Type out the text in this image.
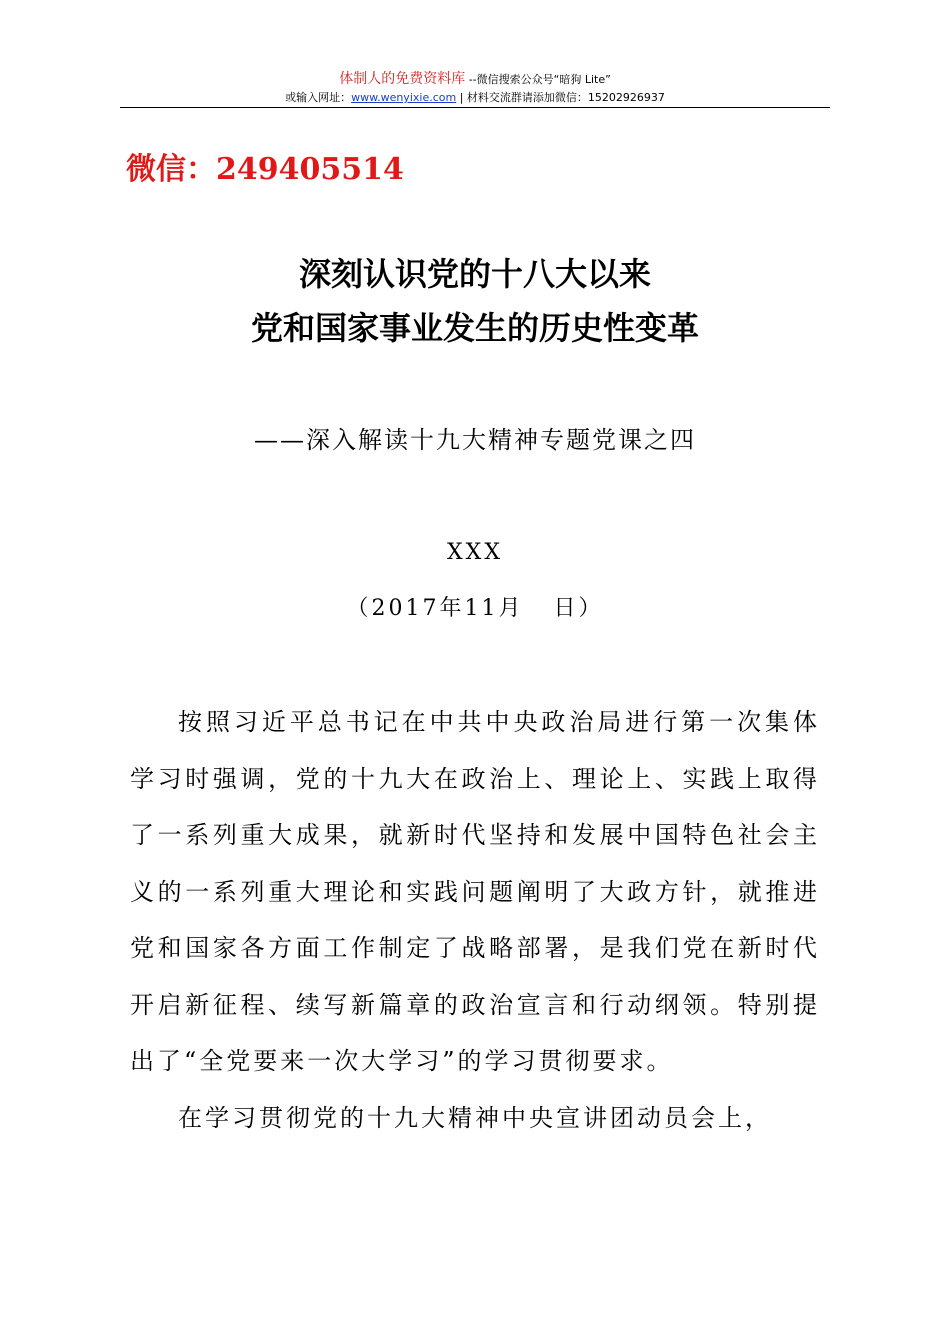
体制人的免费资料库 --微信搜索公众号“暗狗 Lite”
或输入网址：www.wenyixie.com | 材料交流群请添加微信：15202926937
微信：249405514
深刻认识党的十八大以来
党和国家事业发生的历史性变革
——深入解读十九大精神专题党课之四
XXX
（2017年11月   日）

按照习近平总书记在中共中央政治局进行第一次集体学习时强调，党的十九大在政治上、理论上、实践上取得了一系列重大成果，就新时代坚持和发展中国特色社会主义的一系列重大理论和实践问题阐明了大政方针，就推进党和国家各方面工作制定了战略部署，是我们党在新时代开启新征程、续写新篇章的政治宣言和行动纲领。特别提出了“全党要来一次大学习”的学习贯彻要求。

在学习贯彻党的十九大精神中央宣讲团动员会上，
